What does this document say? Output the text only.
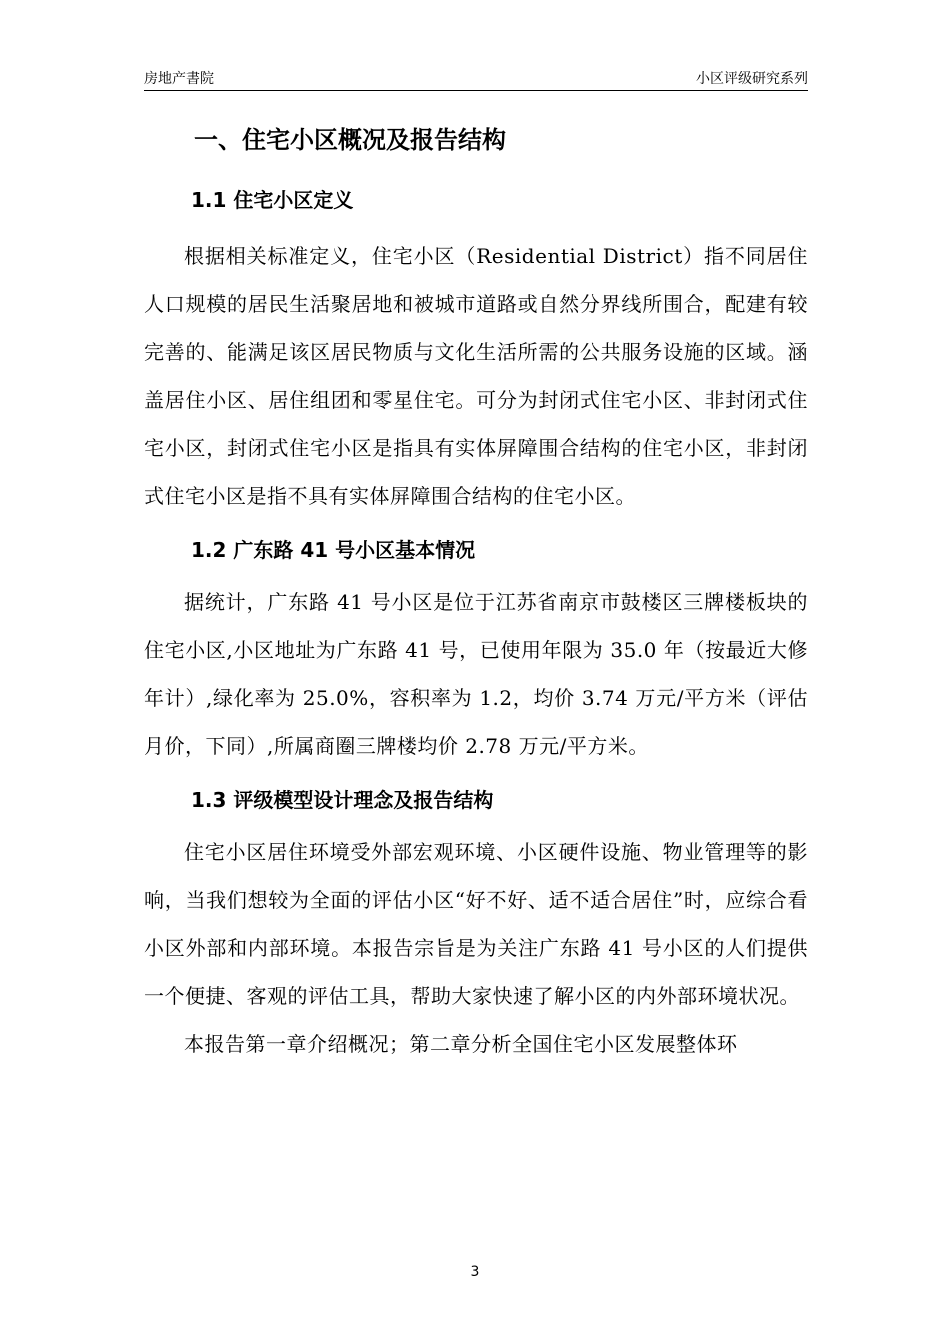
房地产書院	小区评级研究系列
一、住宅小区概况及报告结构
1.1 住宅小区定义

根据相关标准定义，住宅小区（Residential District）指不同居住人口规模的居民生活聚居地和被城市道路或自然分界线所围合，配建有较完善的、能满足该区居民物质与文化生活所需的公共服务设施的区域。涵盖居住小区、居住组团和零星住宅。可分为封闭式住宅小区、非封闭式住宅小区，封闭式住宅小区是指具有实体屏障围合结构的住宅小区，非封闭式住宅小区是指不具有实体屏障围合结构的住宅小区。

1.2 广东路 41 号小区基本情况

据统计，广东路 41 号小区是位于江苏省南京市鼓楼区三牌楼板块的住宅小区,小区地址为广东路 41 号，已使用年限为 35.0 年（按最近大修年计）,绿化率为 25.0%，容积率为 1.2，均价 3.74 万元/平方米（评估月价，下同）,所属商圈三牌楼均价 2.78 万元/平方米。

1.3 评级模型设计理念及报告结构

住宅小区居住环境受外部宏观环境、小区硬件设施、物业管理等的影响，当我们想较为全面的评估小区“好不好、适不适合居住”时，应综合看小区外部和内部环境。本报告宗旨是为关注广东路 41 号小区的人们提供一个便捷、客观的评估工具，帮助大家快速了解小区的内外部环境状况。

本报告第一章介绍概况；第二章分析全国住宅小区发展整体环

3
